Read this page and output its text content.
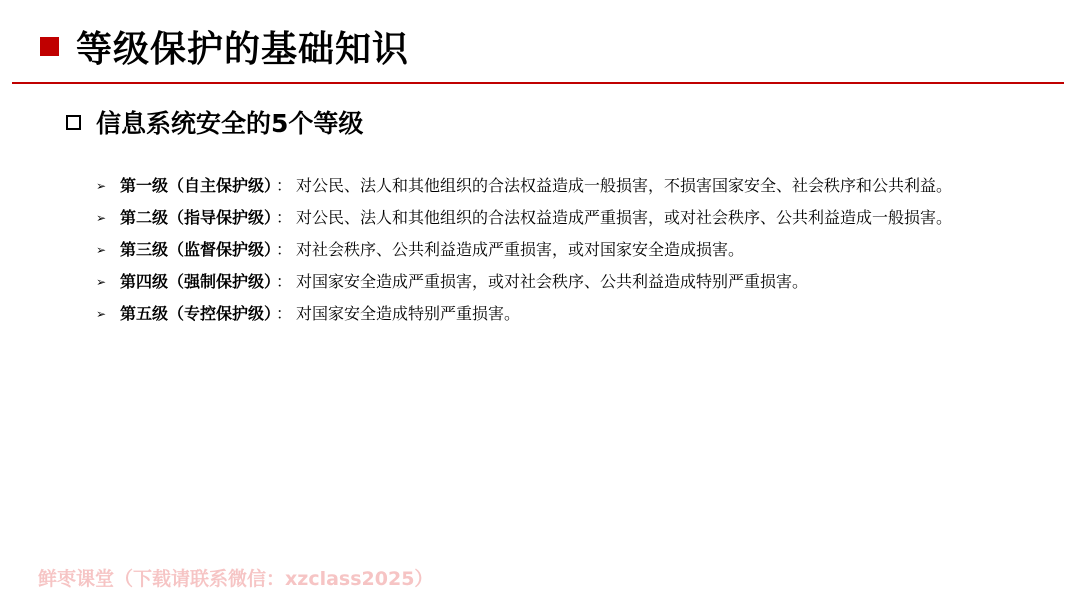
等级保护的基础知识
信息系统安全的5个等级
➢ 第一级（自主保护级） ： 对公民、法人和其他组织的合法权益造成一般损害，不损害国家安全、社会秩序和公共利益。
➢ 第二级（指导保护级） ： 对公民、法人和其他组织的合法权益造成严重损害，或对社会秩序、公共利益造成一般损害。
➢ 第三级（监督保护级） ： 对社会秩序、公共利益造成严重损害，或对国家安全造成损害。
➢ 第四级（强制保护级） ： 对国家安全造成严重损害，或对社会秩序、公共利益造成特别严重损害。
➢ 第五级（专控保护级） ： 对国家安全造成特别严重损害。
鲜枣课堂（下载请联系微信：xzclass2025）
